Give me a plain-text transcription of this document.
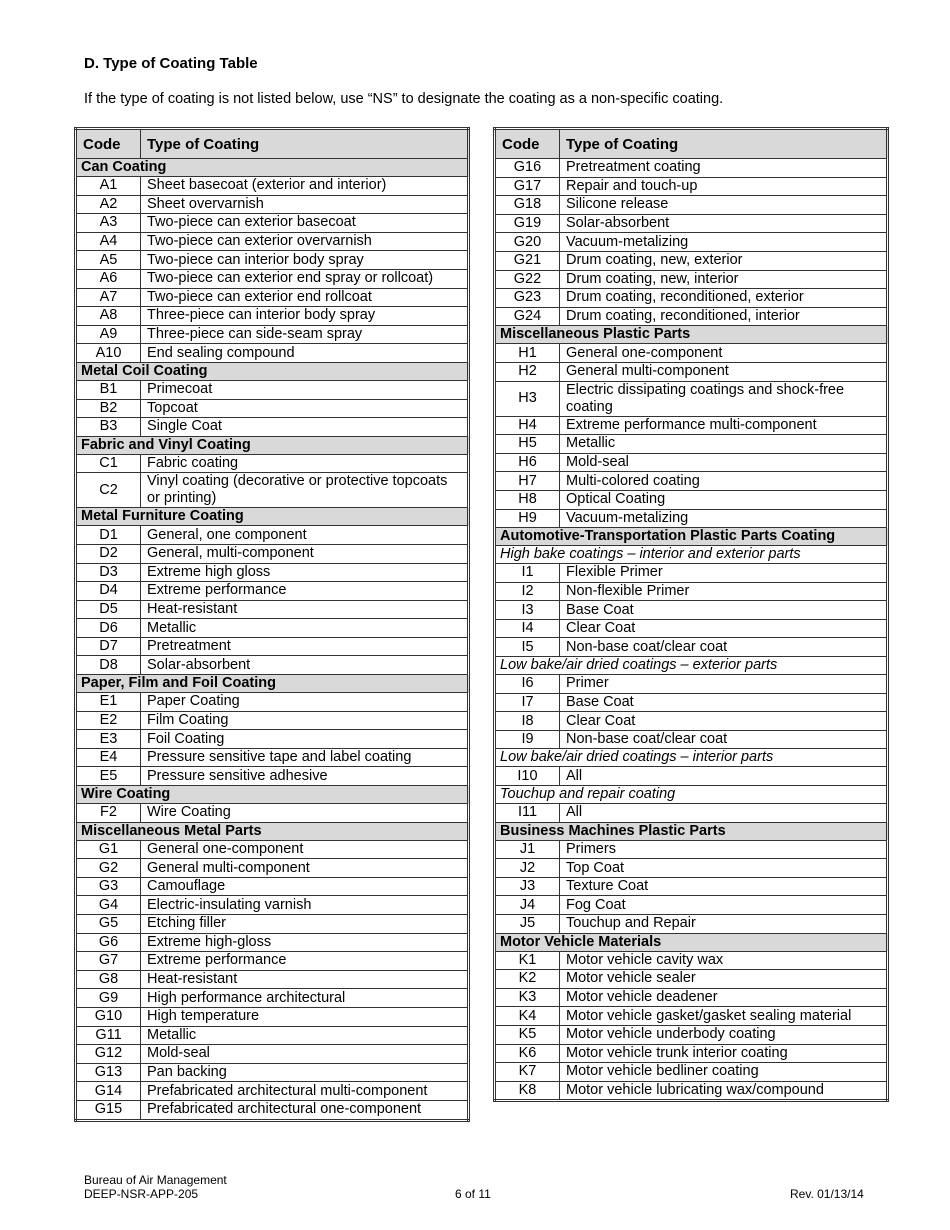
D. Type of Coating Table
If the type of coating is not listed below, use “NS” to designate the coating as a non-specific coating.
Code	Type of Coating
Can Coating	
A1	Sheet basecoat (exterior and interior)
A2	Sheet overvarnish
A3	Two-piece can exterior basecoat
A4	Two-piece can exterior overvarnish
A5	Two-piece can interior body spray
A6	Two-piece can exterior end spray or rollcoat)
A7	Two-piece can exterior end rollcoat
A8	Three-piece can interior body spray
A9	Three-piece can side-seam spray
A10	End sealing compound
Metal Coil Coating	
B1	Primecoat
B2	Topcoat
B3	Single Coat
Fabric and Vinyl Coating	
C1	Fabric coating
C2	Vinyl coating (decorative or protective topcoats or printing)
Metal Furniture Coating	
D1	General, one component
D2	General, multi-component
D3	Extreme high gloss
D4	Extreme performance
D5	Heat-resistant
D6	Metallic
D7	Pretreatment
D8	Solar-absorbent
Paper, Film and Foil Coating	
E1	Paper Coating
E2	Film Coating
E3	Foil Coating
E4	Pressure sensitive tape and label coating
E5	Pressure sensitive adhesive
Wire Coating	
F2	Wire Coating
Miscellaneous Metal Parts	
G1	General one-component
G2	General multi-component
G3	Camouflage
G4	Electric-insulating varnish
G5	Etching filler
G6	Extreme high-gloss
G7	Extreme performance
G8	Heat-resistant
G9	High performance architectural
G10	High temperature
G11	Metallic
G12	Mold-seal
G13	Pan backing
G14	Prefabricated architectural multi-component
G15	Prefabricated architectural one-component
Code	Type of Coating
G16	Pretreatment coating
G17	Repair and touch-up
G18	Silicone release
G19	Solar-absorbent
G20	Vacuum-metalizing
G21	Drum coating, new, exterior
G22	Drum coating, new, interior
G23	Drum coating, reconditioned, exterior
G24	Drum coating, reconditioned, interior
Miscellaneous Plastic Parts	
H1	General one-component
H2	General multi-component
H3	Electric dissipating coatings and shock-free coating
H4	Extreme performance multi-component
H5	Metallic
H6	Mold-seal
H7	Multi-colored coating
H8	Optical Coating
H9	Vacuum-metalizing
Automotive-Transportation Plastic Parts Coating	
High bake coatings – interior and exterior parts	
I1	Flexible Primer
I2	Non-flexible Primer
I3	Base Coat
I4	Clear Coat
I5	Non-base coat/clear coat
Low bake/air dried coatings – exterior parts	
I6	Primer
I7	Base Coat
I8	Clear Coat
I9	Non-base coat/clear coat
Low bake/air dried coatings – interior parts	
I10	All
Touchup and repair coating	
I11	All
Business Machines Plastic Parts	
J1	Primers
J2	Top Coat
J3	Texture Coat
J4	Fog Coat
J5	Touchup and Repair
Motor Vehicle Materials	
K1	Motor vehicle cavity wax
K2	Motor vehicle sealer
K3	Motor vehicle deadener
K4	Motor vehicle gasket/gasket sealing material
K5	Motor vehicle underbody coating
K6	Motor vehicle trunk interior coating
K7	Motor vehicle bedliner coating
K8	Motor vehicle lubricating wax/compound
Bureau of Air Management
DEEP-NSR-APP-205	6 of 11	Rev. 01/13/14
